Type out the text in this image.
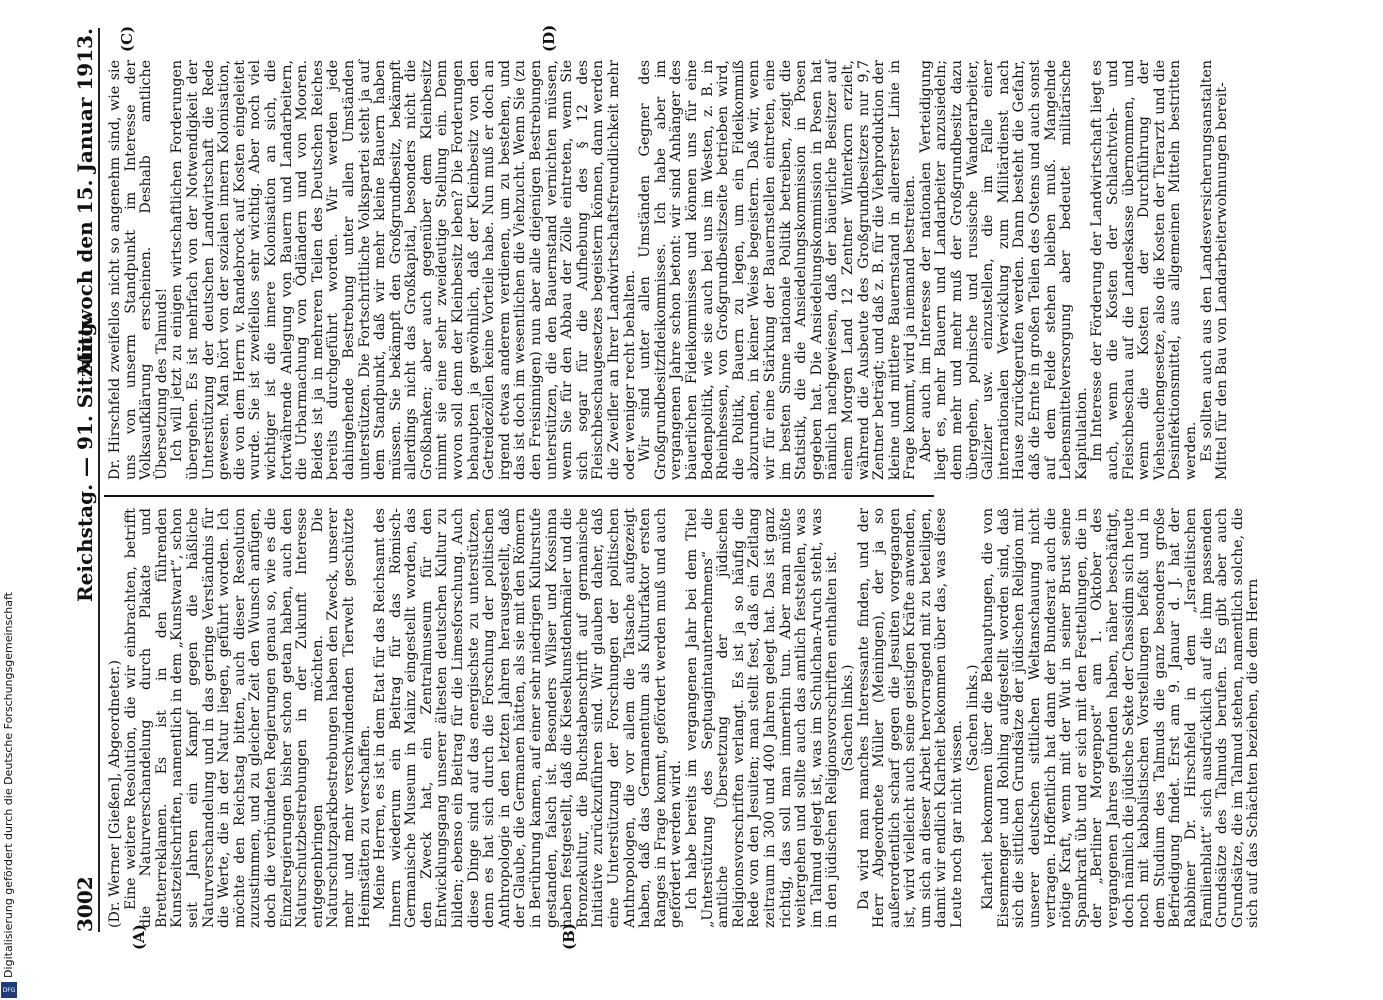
3002
Reichstag. — 91. Sitzung.
Mittwoch den 15. Januar 1913.
(A)	(B)
(C)	(D)
(Dr. Werner [Gießen], Abgeordneter.) Eine weitere Resolution, die wir einbrachten, betrifft die Naturverschandelung durch Plakate und Bretterreklamen. Es ist in den führenden Kunstzeitschriften, namentlich in dem „Kunstwart“, schon seit Jahren ein Kampf gegen die häßliche Naturverschandelung und in das geringe Verständnis für die Werte, die in der Natur liegen, geführt worden. Ich möchte den Reichstag bitten, auch dieser Resolution zuzustimmen, und zu gleicher Zeit den Wunsch anfügen, doch die verbündeten Regierungen genau so, wie es die Einzelregierungen bisher schon getan haben, auch den Naturschutzbestrebungen in der Zukunft Interesse entgegenbringen möchten. Die Naturschutzparkbestrebungen haben den Zweck, unserer mehr und mehr verschwindenden Tierwelt geschützte Heimstätten zu verschaffen. Meine Herren, es ist in dem Etat für das Reichsamt des Innern wiederum ein Beitrag für das Römisch-Germanische Museum in Mainz eingestellt worden, das den Zweck hat, ein Zentralmuseum für den Entwicklungsgang unserer ältesten deutschen Kultur zu bilden; ebenso ein Beitrag für die Limesforschung. Auch diese Dinge sind auf das energischste zu unterstützen, denn es hat sich durch die Forschung der politischen Anthropologie in den letzten Jahren herausgestellt, daß der Glaube, die Germanen hätten, als sie mit den Römern in Berührung kamen, auf einer sehr niedrigen Kulturstufe gestanden, falsch ist. Besonders Wilser und Kossinna haben festgestellt, daß die Kieselkunstdenkmäler und die Bronzekultur, die Buchstabenschrift auf germanische Initiative zurückzuführen sind. Wir glauben daher, daß eine Unterstützung der Forschungen der politischen Anthropologen, die vor allem die Tatsache aufgezeigt haben, daß das Germanentum als Kulturfaktor ersten Ranges in Frage kommt, gefördert werden muß und auch gefördert werden wird. Ich habe bereits im vergangenen Jahr bei dem Titel „Unterstützung des Septuagintaunternehmens“ die amtliche Übersetzung der jüdischen Religionsvorschriften verlangt. Es ist ja so häufig die Rede von den Jesuiten; man stellt fest, daß ein Zeitlang zeitraum in 300 und 400 Jahren gelegt hat. Das ist ganz richtig, das soll man immerhin tun. Aber man müßte weitergehen und sollte auch das amtlich feststellen, was im Talmud gelegt ist, was im Schulchan-Aruch steht, was in den jüdischen Religionsvorschriften enthalten ist. (Sachen links.) Da wird man manches Interessante finden, und der Herr Abgeordnete Müller (Meiningen), der ja so außerordentlich scharf gegen die Jesuiten vorgegangen ist, wird vielleicht auch seine geistigen Kräfte anwenden, um sich an dieser Arbeit hervorragend mit zu beteiligen, damit wir endlich Klarheit bekommen über das, was diese Leute noch gar nicht wissen.

(Sachen links.) Klarheit bekommen über die Behauptungen, die von Eisenmenger und Rohling aufgestellt worden sind, daß sich die sittlichen Grundsätze der jüdischen Religion mit unserer deutschen sittlichen Weltanschauung nicht vertragen. Hoffentlich hat dann der Bundesrat auch die nötige Kraft, wenn mit der Wut in seiner Brust seine Spannkraft übt und er sich mit den Festtellungen, die in der „Berliner Morgenpost“ am 1. Oktober des vergangenen Jahres gefunden haben, näher beschäftigt, doch nämlich die jüdische Sekte der Chassidim sich heute noch mit kabbalistischen Vorstellungen befaßt und in dem Studium des Talmuds die ganz besonders große Befriedigung findet. Erst am 9. Januar d. J. hat der Rabbiner Dr. Hirschfeld in dem „Israelitischen Familienblatt“ sich ausdrücklich auf die ihm passenden Grundsätze des Talmuds berufen. Es gibt aber auch Grundsätze, die im Talmud stehen, namentlich solche, die sich auf das Schächten beziehen, die dem Herrn

Dr. Hirschfeld zweifellos nicht so angenehm sind, wie sie uns von unserm Standpunkt im Interesse der Volksaufklärung erscheinen. Deshalb amtliche Übersetzung des Talmuds! Ich will jetzt zu einigen wirtschaftlichen Forderungen übergehen. Es ist mehrfach von der Notwendigkeit der Unterstützung der deutschen Landwirtschaft die Rede gewesen. Man hört von der sozialen innern Kolonisation, die von dem Herrn v. Randebrock auf Kosten eingeleitet wurde. Sie ist zweifellos sehr wichtig. Aber noch viel wichtiger ist die innere Kolonisation an sich, die fortwährende Anlegung von Bauern und Landarbeitern, die Urbarmachung von Ödländern und von Mooren. Beides ist ja in mehreren Teilen des Deutschen Reiches bereits durchgeführt worden. Wir werden jede dahingehende Bestrebung unter allen Umständen unterstützen. Die Fortschrittliche Volkspartei steht ja auf dem Standpunkt, daß wir mehr kleine Bauern haben müssen. Sie bekämpft den Großgrundbesitz, bekämpft allerdings nicht das Großkapital, besonders nicht die Großbanken; aber auch gegenüber dem Kleinbesitz nimmt sie eine sehr zweideutige Stellung ein. Denn wovon soll denn der Kleinbesitz leben? Die Forderungen behaupten ja gewöhnlich, daß der Kleinbesitz von den Getreidezöllen keine Vorteile habe. Nun muß er doch an irgend etwas anderem verdienen, um zu bestehen, und das ist doch im wesentlichen die Viehzucht. Wenn Sie (zu den Freisinnigen) nun aber alle diejenigen Bestrebungen unterstützen, die den Bauernstand vernichten müssen, wenn Sie für den Abbau der Zölle eintreten, wenn Sie sich sogar für die Aufhebung des § 12 des Fleischbeschaugesetzes begeistern können, dann werden die Zweifler an Ihrer Landwirtschaftsfreundlichkeit mehr oder weniger recht behalten. Wir sind unter allen Umständen Gegner des Großgrundbesitzfideikommisses. Ich habe aber im vergangenen Jahre schon betont: wir sind Anhänger des bäuerlichen Fideikommisses und können uns für eine Bodenpolitik, wie sie auch bei uns im Westen, z. B. in Rheinhessen, von Großgrundbesitzseite betrieben wird, die Politik, Bauern zu legen, um ein Fideikommiß abzurunden, in keiner Weise begeistern. Daß wir, wenn wir für eine Stärkung der Bauernstellen eintreten, eine im besten Sinne nationale Politik betreiben, zeigt die Statistik, die die Ansiedelungskommission in Posen gegeben hat. Die Ansiedelungskommission in Posen hat nämlich nachgewiesen, daß der bäuerliche Besitzer auf einem Morgen Land 12 Zentner Winterkorn erzielt, während die Ausbeute des Großgrundbesitzers nur 9,7 Zentner beträgt; und daß z. B. für die Viehproduktion der kleine und mittlere Bauernstand in allererster Linie in Frage kommt, wird ja niemand bestreiten. Aber auch im Interesse der nationalen Verteidigung liegt es, mehr Bauern und Landarbeiter anzusiedeln; denn mehr und mehr muß der Großgrundbesitz dazu übergehen, polnische und russische Wanderarbeiter, Galizier usw. einzustellen, die im Falle einer internationalen Verwicklung zum Militärdienst nach Hause zurückgerufen werden. Dann besteht die Gefahr, daß die Ernte in großen Teilen des Ostens und auch sonst auf dem Felde stehen bleiben muß. Mangelnde Lebensmittelversorgung aber bedeutet militärische Kapitulation. Im Interesse der Förderung der Landwirtschaft liegt es auch, wenn die Kosten der Schlachtvieh- und Fleischbeschau auf die Landeskasse übernommen, und wenn die Kosten der Durchführung der Viehseuchengesetze, also die Kosten der Tierarzt und die Desinfektionsmittel, aus allgemeinen Mitteln bestritten werden. Es sollten auch aus den Landesversicherungsanstalten Mittel für den Bau von Landarbeiterwohnungen bereit-

Digitalisierung gefördert durch die Deutsche Forschungsgemeinschaft
DFG
